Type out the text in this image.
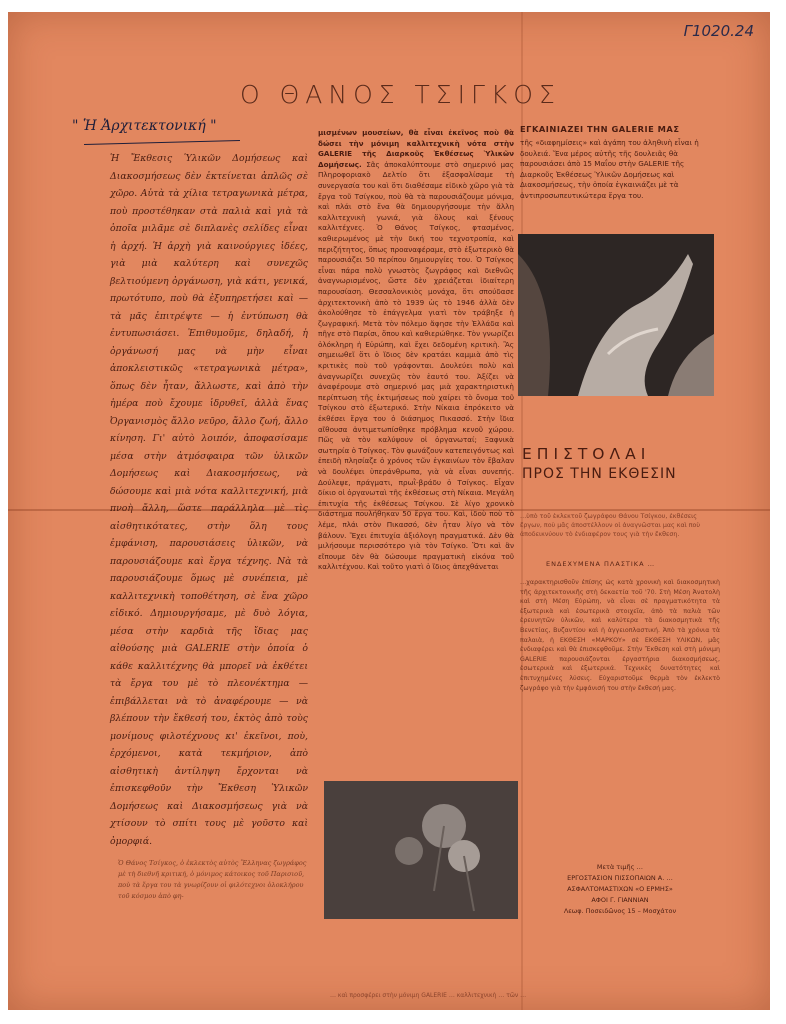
Γ1020.24
Ο ΘΑΝΟΣ ΤΣΙΓΚΟΣ
" Ἡ Ἀρχιτεκτονική "
Ἡ Ἔκθεσις Ὑλικῶν Δομήσεως καὶ Διακοσμήσεως δὲν ἐκτείνεται ἁπλῶς σὲ χῶρο. Αὐτὰ τὰ χίλια τετραγωνικὰ μέτρα, ποὺ προστέθηκαν στὰ παλιὰ καὶ γιὰ τὰ ὁποῖα μιλᾶμε σὲ διπλανὲς σελίδες εἶναι ἡ ἀρχή. Ἡ ἀρχὴ γιὰ καινούργιες ἰδέες, γιὰ μιὰ καλύτερη καὶ συνεχῶς βελτιούμενη ὀργάνωση, γιὰ κάτι, γενικά, πρωτότυπο, ποὺ θὰ ἐξυπηρετήσει καὶ — τὰ μᾶς ἐπιτρέψτε — ἡ ἐντύπωση θὰ ἐντυπωσιάσει. Ἐπιθυμοῦμε, δηλαδή, ἡ ὀργάνωσή μας νὰ μὴν εἶναι ἀποκλειστικῶς «τετραγωνικὰ μέτρα», ὅπως δὲν ἦταν, ἄλλωστε, καὶ ἀπὸ τὴν ἡμέρα ποὺ ἔχουμε ἱδρυθεῖ, ἀλλὰ ἕνας Ὀργανισμὸς ἄλλο νεῦρο, ἄλλο ζωή, ἄλλο κίνηση. Γι' αὐτὸ λοιπόν, ἀποφασίσαμε μέσα στὴν ἀτμόσφαιρα τῶν ὑλικῶν Δομήσεως καὶ Διακοσμήσεως, νὰ δώσουμε καὶ μιὰ νότα καλλιτεχνική, μιὰ πνοὴ ἄλλη, ὥστε παράλληλα μὲ τὶς αἰσθητικότατες, στὴν ὅλη τους ἐμφάνιση, παρουσιάσεις ὑλικῶν, νὰ παρουσιάζουμε καὶ ἔργα τέχνης. Νὰ τὰ παρουσιάζουμε ὅμως μὲ συνέπεια, μὲ καλλιτεχνικὴ τοποθέτηση, σὲ ἕνα χῶρο εἰδικό. Δημιουργήσαμε, μὲ δυὸ λόγια, μέσα στὴν καρδιὰ τῆς ἴδιας μας αἰθούσης μιὰ GALERIE στὴν ὁποία ὁ κάθε καλλιτέχνης θὰ μπορεῖ νὰ ἐκθέτει τὰ ἔργα του μὲ τὸ πλεονέκτημα — ἐπιβάλλεται νὰ τὸ ἀναφέρουμε — νὰ βλέπουν τὴν ἔκθεσή του, ἐκτὸς ἀπὸ τοὺς μονίμους φιλοτέχνους κι' ἐκεῖνοι, ποὺ, ἐρχόμενοι, κατὰ τεκμήριον, ἀπὸ αἰσθητικὴ ἀντίληψη ἔρχονται νὰ ἐπισκεφθοῦν τὴν Ἔκθεση Ὑλικῶν Δομήσεως καὶ Διακοσμήσεως γιὰ νὰ χτίσουν τὸ σπίτι τους μὲ γοῦστο καὶ ὀμορφιά.
Ὁ Θάνος Τσίγκος, ὁ ἐκλεκτὸς αὐτὸς Ἕλληνας ζωγράφος μὲ τὴ διεθνῆ κριτική, ὁ μόνιμος κάτοικος τοῦ Παρισιοῦ, ποὺ τὰ ἔργα του τὰ γνωρίζουν οἱ φιλότεχνοι ὁλοκλήρου τοῦ κόσμου ἀπὸ φη-
μισμένων μουσείων, θὰ εἶναι ἐκεῖνος ποὺ θὰ δώσει τὴν μόνιμη καλλιτεχνικὴ νότα στὴν GALERIE τῆς Διαρκοῦς Ἐκθέσεως Ὑλικῶν Δομήσεως. Σᾶς ἀποκαλύπτουμε στὸ σημερινό μας Πληροφοριακὸ Δελτίο ὅτι ἐξασφαλίσαμε τὴ συνεργασία του καὶ ὅτι διαθέσαμε εἰδικὸ χῶρο γιὰ τὰ ἔργα τοῦ Τσίγκου, ποὺ θὰ τὰ παρουσιάζουμε μόνιμα, καὶ πλάι στὸ ἕνα θὰ δημιουργήσουμε τὴν ἄλλη καλλιτεχνικὴ γωνιά, γιὰ ὅλους καὶ ξένους καλλιτέχνες. Ὁ Θάνος Τσίγκος, φτασμένος, καθιερωμένος μὲ τὴν δική του τεχνοτροπία, καὶ περιζήτητος, ὅπως προαναφέραμε, στὸ ἐξωτερικὸ θὰ παρουσιάζει 50 περίπου δημιουργίες του. Ὁ Τσίγκος εἶναι πάρα πολὺ γνωστὸς ζωγράφος καὶ διεθνῶς ἀναγνωρισμένος, ὥστε δὲν χρειάζεται ἰδιαίτερη παρουσίαση. Θεσσαλονικιὸς μονάχα, ὅτι σπούδασε ἀρχιτεκτονικὴ ἀπὸ τὸ 1939 ὡς τὸ 1946 ἀλλὰ δὲν ἀκολούθησε τὸ ἐπάγγελμα γιατὶ τὸν τράβηξε ἡ ζωγραφική. Μετὰ τὸν πόλεμο ἄφησε τὴν Ἑλλάδα καὶ πῆγε στὸ Παρίσι, ὅπου καὶ καθιερώθηκε. Τὸν γνωρίζει ὁλόκληρη ἡ Εὐρώπη, καὶ ἔχει δεδομένη κριτικὴ. Ἂς σημειωθεῖ ὅτι ὁ ἴδιος δὲν κρατάει καμμιὰ ἀπὸ τὶς κριτικὲς ποὺ τοῦ γράφονται. Δουλεύει πολὺ καὶ ἀναγνωρίζει συνεχῶς τὸν ἑαυτό του. Ἀξίζει νὰ ἀναφέρουμε στὸ σημερινό μας μιὰ χαρακτηριστικὴ περίπτωση τῆς ἐκτιμήσεως ποὺ χαίρει τὸ ὄνομα τοῦ Τσίγκου στὸ ἐξωτερικό. Στὴν Νίκαια ἐπρόκειτο νὰ ἐκθέσει ἔργα του ὁ διάσημος Πικασσό. Στὴν ἴδια αἴθουσα ἀντιμετωπίσθηκε πρόβλημα κενοῦ χώρου. Πῶς νὰ τὸν καλύψουν οἱ ὀργανωταί; Ξαφνικὰ σωτηρία ὁ Τσίγκος. Τὸν φωνάζουν κατεπειγόντως καὶ ἐπειδὴ πλησίαζε ὁ χρόνος τῶν ἐγκαινίων τὸν ἔβαλαν νὰ δουλέψει ὑπεράνθρωπα, γιὰ νὰ εἶναι συνεπής. Δούλεψε, πράγματι, πρωῒ-βράδυ ὁ Τσίγκος. Εἶχαν δίκιο οἱ ὀργανωταὶ τῆς ἐκθέσεως στὴ Νίκαια. Μεγάλη ἐπιτυχία τῆς ἐκθέσεως Τσίγκου. Σὲ λίγο χρονικὸ διάστημα πουλήθηκαν 50 ἔργα του. Καὶ, ἰδοὺ ποὺ τὸ λέμε, πλάι στὸν Πικασσό, δὲν ἦταν λίγο νὰ τὸν βάλουν. Ἔχει ἐπιτυχία ἀξιόλογη πραγματικά. Δὲν θὰ μιλήσουμε περισσότερο γιὰ τὸν Τσίγκο. Ὅτι καὶ ἂν εἴπουμε δὲν θὰ δώσουμε πραγματικὴ εἰκόνα τοῦ καλλιτέχνου. Καὶ τοῦτο γιατὶ ὁ ἴδιος ἀπεχθάνεται
ΕΓΚΑΙΝΙΑΖΕΙ ΤΗΝ GALERIE ΜΑΣ
τῆς «διαφημίσεις» καὶ ἀγάπη του ἀληθινὴ εἶναι ἡ δουλειά. Ἕνα μέρος αὐτῆς τῆς δουλειᾶς θὰ παρουσιάσει ἀπὸ 15 Μαΐου στὴν GALERIE τῆς Διαρκοῦς Ἐκθέσεως Ὑλικῶν Δομήσεως καὶ Διακοσμήσεως, τὴν ὁποία ἐγκαινιάζει μὲ τὰ ἀντιπροσωπευτικώτερα ἔργα του.
ΕΠΙΣΤΟΛΑΙ
ΠΡΟΣ ΤΗΝ ΕΚΘΕΣΙΝ
…ὑπὸ τοῦ ἐκλεκτοῦ ζωγράφου Θάνου Τσίγκου, ἐκθέσεις ἔργων, ποὺ μᾶς ἀποστέλλουν οἱ ἀναγνῶσται μας καὶ ποὺ ἀποδεικνύουν τὸ ἐνδιαφέρον τους γιὰ τὴν ἔκθεση.
ΕΝΔΕΧΥΜΕΝΑ ΠΛΑΣΤΙΚΑ …
…χαρακτηρισθοῦν ἐπίσης ὡς κατὰ χρονικὴ καὶ διακοσμητικὴ τῆς ἀρχιτεκτονικῆς στὴ δεκαετία τοῦ '70. Στὴ Μέση Ἀνατολὴ καὶ στὴ Μέση Εὐρώπη, νὰ εἶναι σὲ πραγματικότητα τὰ ἐξωτερικὰ καὶ ἐσωτερικὰ στοιχεῖα, ἀπὸ τὰ παλιὰ τῶν ἐρευνητῶν ὑλικῶν, καὶ καλύτερα τὰ διακοσμητικὰ τῆς Βενετίας, Βυζαντίου καὶ ἡ ἀγγειοπλαστική. Ἀπὸ τὰ χρόνια τὰ παλαιὰ, ἡ ΕΚΘΕΣΗ «ΜΑΡΚΟΥ» σὲ ΕΚΘΕΣΗ ΥΛΙΚΩΝ, μᾶς ἐνδιαφέρει καὶ θὰ ἐπισκεφθοῦμε. Στὴν Ἔκθεση καὶ στὴ μόνιμη GALERIE παρουσιάζονται ἐργαστήρια διακοσμήσεως, ἐσωτερικὰ καὶ ἐξωτερικά. Τεχνικὲς δυνατότητες καὶ ἐπιτυχημένες λύσεις. Εὐχαριστοῦμε θερμὰ τὸν ἐκλεκτὸ ζωγράφο γιὰ τὴν ἐμφάνισή του στὴν ἔκθεσή μας.
Μετὰ τιμῆς …
ΕΡΓΟΣΤΑΣΙΟΝ ΠΙΣΣΟΠΑΙΩΝ Α. …
ΑΣΦΑΛΤΟΜΑΣΤΙΧΩΝ «Ο ΕΡΜΗΣ»
ΑΦΟΙ Γ. ΓΙΑΝΝΙΑΝ
Λεωφ. Ποσειδῶνος 15 – Μοσχάτον
… καὶ προσφέρει στὴν μόνιμη GALERIE … καλλιτεχνικὴ … τῶν …
